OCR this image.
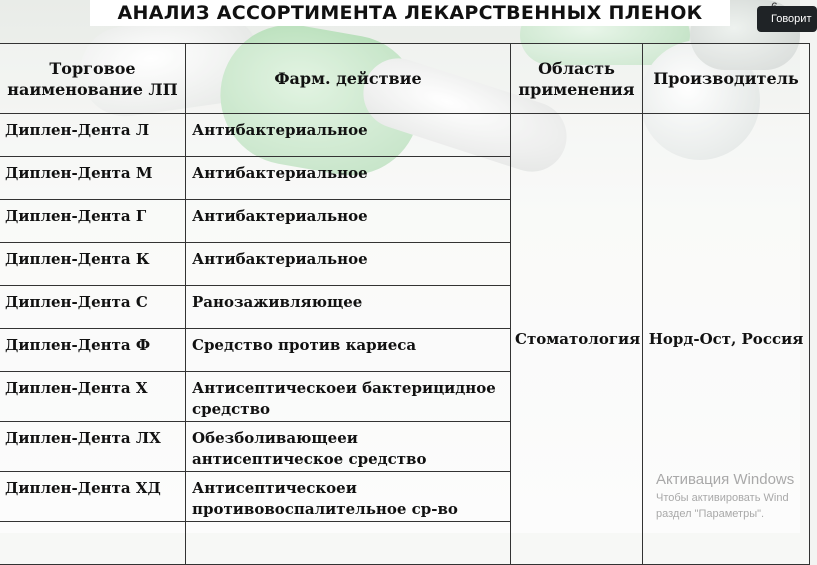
АНАЛИЗ АССОРТИМЕНТА ЛЕКАРСТВЕННЫХ ПЛЕНОК	Говорит
Торговое наименование ЛП	Фарм. действие	Область применения	Производитель
Диплен-Дента Л	Антибактериальное	Стоматология	Норд-Ост, Россия
Диплен-Дента М	Антибактериальное		
Диплен-Дента Г	Антибактериальное		
Диплен-Дента К	Антибактериальное		
Диплен-Дента С	Ранозаживляющее		
Диплен-Дента Ф	Средство против кариеса		
Диплен-Дента Х	Антисептическоеи бактерицидное средство		
Диплен-Дента ЛХ	Обезболивающееи антисептическое средство		
Диплен-Дента ХД	Антисептическоеи противовоспалительное ср-во		

Активация Windows
Чтобы активировать Wind
раздел "Параметры".
